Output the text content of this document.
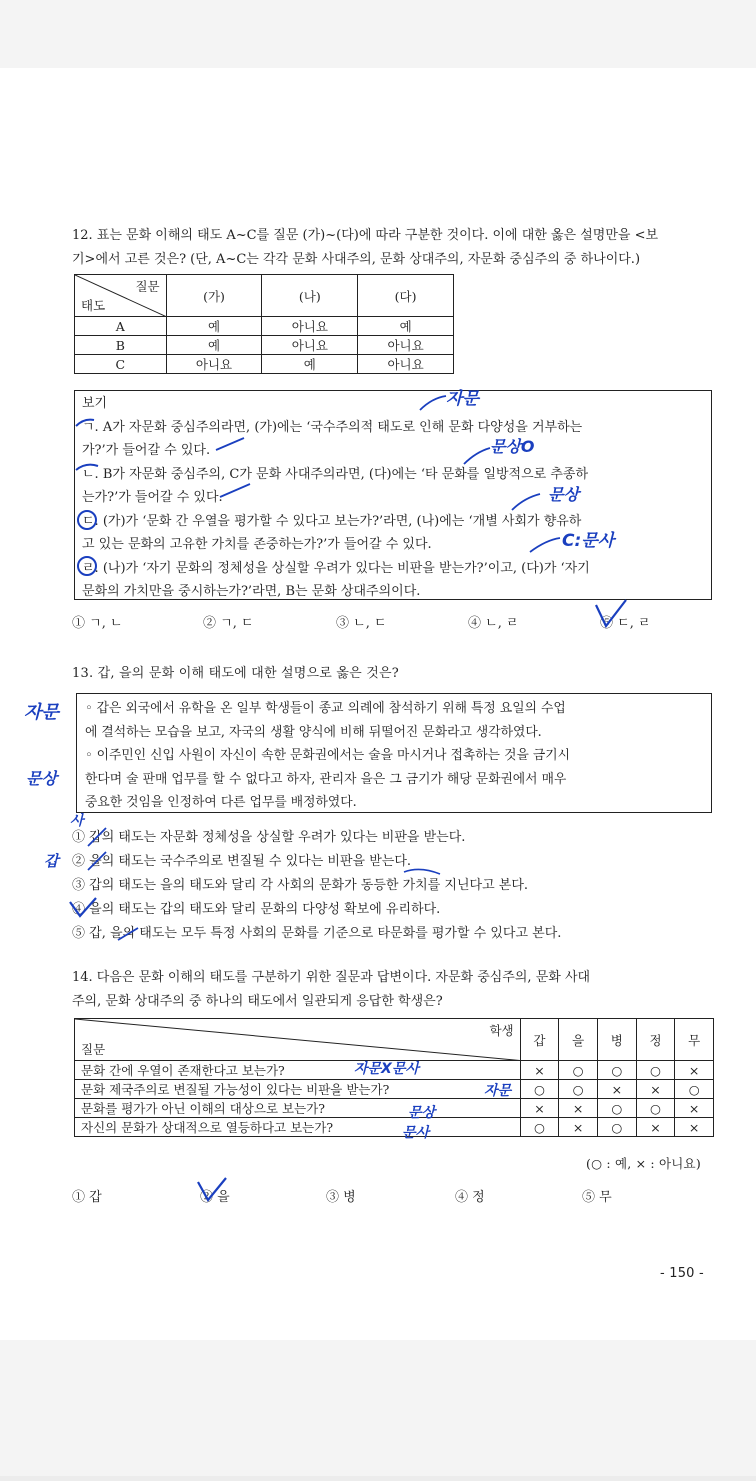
12. 표는 문화 이해의 태도 A~C를 질문 (가)~(다)에 따라 구분한 것이다. 이에 대한 옳은 설명만을 <보
기>에서 고른 것은? (단, A~C는 각각 문화 사대주의, 문화 상대주의, 자문화 중심주의 중 하나이다.)
질문
태도	(가)	(나)	(다)
A	예	아니요	예
B	예	아니요	아니요
C	아니요	예	아니요
보기
ㄱ. A가 자문화 중심주의라면, (가)에는 ‘국수주의적 태도로 인해 문화 다양성을 거부하는
가?’가 들어갈 수 있다.
ㄴ. B가 자문화 중심주의, C가 문화 사대주의라면, (다)에는 ‘타 문화를 일방적으로 추종하
는가?’가 들어갈 수 있다.
ㄷ. (가)가 ‘문화 간 우열을 평가할 수 있다고 보는가?’라면, (나)에는 ‘개별 사회가 향유하
고 있는 문화의 고유한 가치를 존중하는가?’가 들어갈 수 있다.
ㄹ. (나)가 ‘자기 문화의 정체성을 상실할 우려가 있다는 비판을 받는가?’이고, (다)가 ‘자기
문화의 가치만을 중시하는가?’라면, B는 문화 상대주의이다.
① ㄱ, ㄴ	② ㄱ, ㄷ	③ ㄴ, ㄷ	④ ㄴ, ㄹ	⑤ ㄷ, ㄹ
자문
문상O
문상
C:문사
13. 갑, 을의 문화 이해 태도에 대한 설명으로 옳은 것은?
◦ 갑은 외국에서 유학을 온 일부 학생들이 종교 의례에 참석하기 위해 특정 요일의 수업
에 결석하는 모습을 보고, 자국의 생활 양식에 비해 뒤떨어진 문화라고 생각하였다.
◦ 이주민인 신입 사원이 자신이 속한 문화권에서는 술을 마시거나 접촉하는 것을 금기시
한다며 술 판매 업무를 할 수 없다고 하자, 관리자 을은 그 금기가 해당 문화권에서 매우
중요한 것임을 인정하여 다른 업무를 배정하였다.
① 갑의 태도는 자문화 정체성을 상실할 우려가 있다는 비판을 받는다.
② 을의 태도는 국수주의로 변질될 수 있다는 비판을 받는다.
③ 갑의 태도는 을의 태도와 달리 각 사회의 문화가 동등한 가치를 지닌다고 본다.
④ 을의 태도는 갑의 태도와 달리 문화의 다양성 확보에 유리하다.
⑤ 갑, 을의 태도는 모두 특정 사회의 문화를 기준으로 타문화를 평가할 수 있다고 본다.
자문
문상
사
갑
14. 다음은 문화 이해의 태도를 구분하기 위한 질문과 답변이다. 자문화 중심주의, 문화 사대
주의, 문화 상대주의 중 하나의 태도에서 일관되게 응답한 학생은?
학생
질문	갑	을	병	정	무
문화 간에 우열이 존재한다고 보는가?	×	○	○	○	×
문화 제국주의로 변질될 가능성이 있다는 비판을 받는가?	○	○	×	×	○
문화를 평가가 아닌 이해의 대상으로 보는가?	×	×	○	○	×
자신의 문화가 상대적으로 열등하다고 보는가?	○	×	○	×	×
자문X문사
자문
문상
문사
(○ : 예, × : 아니요)
① 갑	② 을	③ 병	④ 정	⑤ 무
- 150 -
